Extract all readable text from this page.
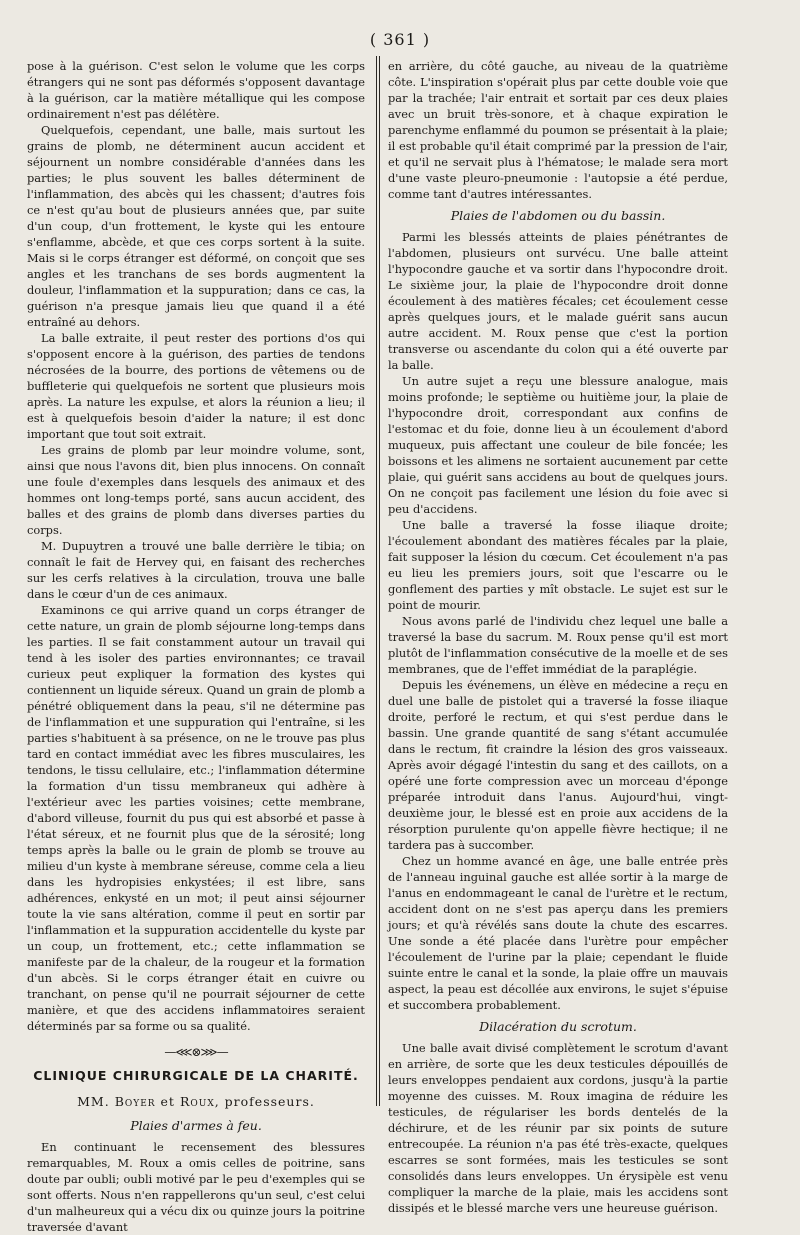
( 361 )

pose à la guérison. C'est selon le volume que les corps étrangers qui ne sont pas déformés s'opposent davantage à la guérison, car la matière métallique qui les compose ordinairement n'est pas délétère.

Quelquefois, cependant, une balle, mais surtout les grains de plomb, ne déterminent aucun accident et séjournent un nombre considérable d'années dans les parties; le plus souvent les balles déterminent de l'inflammation, des abcès qui les chassent; d'autres fois ce n'est qu'au bout de plusieurs années que, par suite d'un coup, d'un frottement, le kyste qui les entoure s'enflamme, abcède, et que ces corps sortent à la suite. Mais si le corps étranger est déformé, on conçoit que ses angles et les tranchans de ses bords augmentent la douleur, l'inflammation et la suppuration; dans ce cas, la guérison n'a presque jamais lieu que quand il a été entraîné au dehors.

La balle extraite, il peut rester des portions d'os qui s'opposent encore à la guérison, des parties de tendons nécrosées de la bourre, des portions de vêtemens ou de buffleterie qui quelquefois ne sortent que plusieurs mois après. La nature les expulse, et alors la réunion a lieu; il est à quelquefois besoin d'aider la nature; il est donc important que tout soit extrait.

Les grains de plomb par leur moindre volume, sont, ainsi que nous l'avons dit, bien plus innocens. On connaît une foule d'exemples dans lesquels des animaux et des hommes ont long-temps porté, sans aucun accident, des balles et des grains de plomb dans diverses parties du corps.

M. Dupuytren a trouvé une balle derrière le tibia; on connaît le fait de Hervey qui, en faisant des recherches sur les cerfs relatives à la circulation, trouva une balle dans le cœur d'un de ces animaux.

Examinons ce qui arrive quand un corps étranger de cette nature, un grain de plomb séjourne long-temps dans les parties. Il se fait constamment autour un travail qui tend à les isoler des parties environnantes; ce travail curieux peut expliquer la formation des kystes qui contiennent un liquide séreux. Quand un grain de plomb a pénétré obliquement dans la peau, s'il ne détermine pas de l'inflammation et une suppuration qui l'entraîne, si les parties s'habituent à sa présence, on ne le trouve pas plus tard en contact immédiat avec les fibres musculaires, les tendons, le tissu cellulaire, etc.; l'inflammation détermine la formation d'un tissu membraneux qui adhère à l'extérieur avec les parties voisines; cette membrane, d'abord villeuse, fournit du pus qui est absorbé et passe à l'état séreux, et ne fournit plus que de la sérosité; long temps après la balle ou le grain de plomb se trouve au milieu d'un kyste à membrane séreuse, comme cela a lieu dans les hydropisies enkystées; il est libre, sans adhérences, enkysté en un mot; il peut ainsi séjourner toute la vie sans altération, comme il peut en sortir par l'inflammation et la suppuration accidentelle du kyste par un coup, un frottement, etc.; cette inflammation se manifeste par de la chaleur, de la rougeur et la formation d'un abcès. Si le corps étranger était en cuivre ou tranchant, on pense qu'il ne pourrait séjourner de cette manière, et que des accidens inflammatoires seraient déterminés par sa forme ou sa qualité.

—⋘⊗⋙—
CLINIQUE CHIRURGICALE DE LA CHARITÉ.
MM. Boyer et Roux, professeurs.
Plaies d'armes à feu.

En continuant le recensement des blessures remarquables, M. Roux a omis celles de poitrine, sans doute par oubli; oubli motivé par le peu d'exemples qui se sont offerts. Nous n'en rappellerons qu'un seul, c'est celui d'un malheureux qui a vécu dix ou quinze jours la poitrine traversée d'avant

en arrière, du côté gauche, au niveau de la quatrième côte. L'inspiration s'opérait plus par cette double voie que par la trachée; l'air entrait et sortait par ces deux plaies avec un bruit très-sonore, et à chaque expiration le parenchyme enflammé du poumon se présentait à la plaie; il est probable qu'il était comprimé par la pression de l'air, et qu'il ne servait plus à l'hématose; le malade sera mort d'une vaste pleuro-pneumonie : l'autopsie a été perdue, comme tant d'autres intéressantes.

Plaies de l'abdomen ou du bassin.

Parmi les blessés atteints de plaies pénétrantes de l'abdomen, plusieurs ont survécu. Une balle atteint l'hypocondre gauche et va sortir dans l'hypocondre droit. Le sixième jour, la plaie de l'hypocondre droit donne écoulement à des matières fécales; cet écoulement cesse après quelques jours, et le malade guérit sans aucun autre accident. M. Roux pense que c'est la portion transverse ou ascendante du colon qui a été ouverte par la balle.

Un autre sujet a reçu une blessure analogue, mais moins profonde; le septième ou huitième jour, la plaie de l'hypocondre droit, correspondant aux confins de l'estomac et du foie, donne lieu à un écoulement d'abord muqueux, puis affectant une couleur de bile foncée; les boissons et les alimens ne sortaient aucunement par cette plaie, qui guérit sans accidens au bout de quelques jours. On ne conçoit pas facilement une lésion du foie avec si peu d'accidens.

Une balle a traversé la fosse iliaque droite; l'écoulement abondant des matières fécales par la plaie, fait supposer la lésion du cœcum. Cet écoulement n'a pas eu lieu les premiers jours, soit que l'escarre ou le gonflement des parties y mît obstacle. Le sujet est sur le point de mourir.

Nous avons parlé de l'individu chez lequel une balle a traversé la base du sacrum. M. Roux pense qu'il est mort plutôt de l'inflammation consécutive de la moelle et de ses membranes, que de l'effet immédiat de la paraplégie.

Depuis les événemens, un élève en médecine a reçu en duel une balle de pistolet qui a traversé la fosse iliaque droite, perforé le rectum, et qui s'est perdue dans le bassin. Une grande quantité de sang s'étant accumulée dans le rectum, fit craindre la lésion des gros vaisseaux. Après avoir dégagé l'intestin du sang et des caillots, on a opéré une forte compression avec un morceau d'éponge préparée introduit dans l'anus. Aujourd'hui, vingt-deuxième jour, le blessé est en proie aux accidens de la résorption purulente qu'on appelle fièvre hectique; il ne tardera pas à succomber.

Chez un homme avancé en âge, une balle entrée près de l'anneau inguinal gauche est allée sortir à la marge de l'anus en endommageant le canal de l'urètre et le rectum, accident dont on ne s'est pas aperçu dans les premiers jours; et qu'à révélés sans doute la chute des escarres. Une sonde a été placée dans l'urètre pour empêcher l'écoulement de l'urine par la plaie; cependant le fluide suinte entre le canal et la sonde, la plaie offre un mauvais aspect, la peau est décollée aux environs, le sujet s'épuise et succombera probablement.

Dilacération du scrotum.

Une balle avait divisé complètement le scrotum d'avant en arrière, de sorte que les deux testicules dépouillés de leurs enveloppes pendaient aux cordons, jusqu'à la partie moyenne des cuisses. M. Roux imagina de réduire les testicules, de régulariser les bords dentelés de la déchirure, et de les réunir par six points de suture entrecoupée. La réunion n'a pas été très-exacte, quelques escarres se sont formées, mais les testicules se sont consolidés dans leurs enveloppes. Un érysipèle est venu compliquer la marche de la plaie, mais les accidens sont dissipés et le blessé marche vers une heureuse guérison.
